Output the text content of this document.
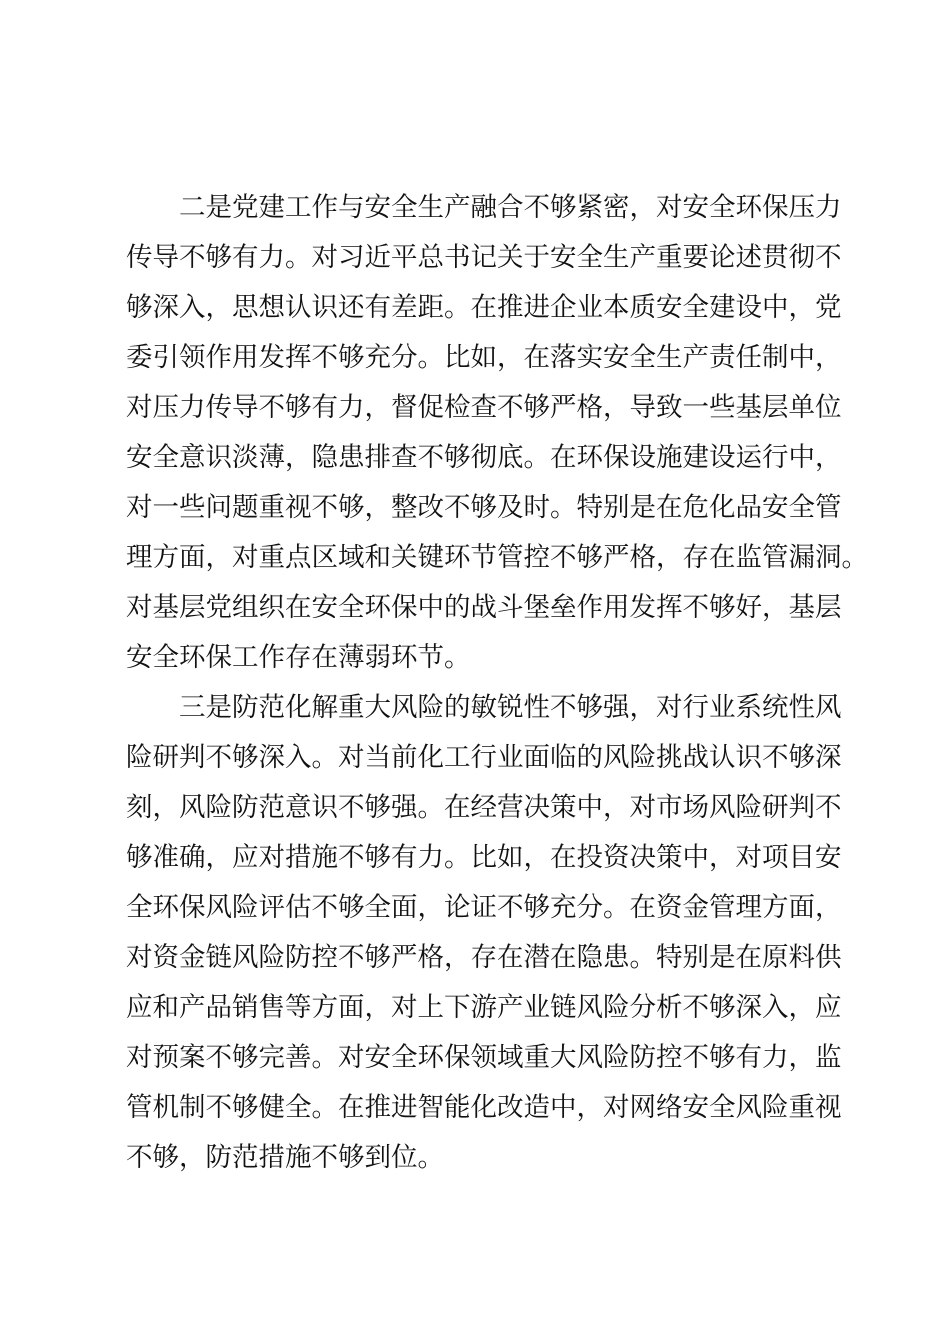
　　二是党建工作与安全生产融合不够紧密，对安全环保压力
传导不够有力。对习近平总书记关于安全生产重要论述贯彻不
够深入，思想认识还有差距。在推进企业本质安全建设中，党
委引领作用发挥不够充分。比如，在落实安全生产责任制中，
对压力传导不够有力，督促检查不够严格，导致一些基层单位
安全意识淡薄，隐患排查不够彻底。在环保设施建设运行中，
对一些问题重视不够，整改不够及时。特别是在危化品安全管
理方面，对重点区域和关键环节管控不够严格，存在监管漏洞。
对基层党组织在安全环保中的战斗堡垒作用发挥不够好，基层
安全环保工作存在薄弱环节。
　　三是防范化解重大风险的敏锐性不够强，对行业系统性风
险研判不够深入。对当前化工行业面临的风险挑战认识不够深
刻，风险防范意识不够强。在经营决策中，对市场风险研判不
够准确，应对措施不够有力。比如，在投资决策中，对项目安
全环保风险评估不够全面，论证不够充分。在资金管理方面，
对资金链风险防控不够严格，存在潜在隐患。特别是在原料供
应和产品销售等方面，对上下游产业链风险分析不够深入，应
对预案不够完善。对安全环保领域重大风险防控不够有力，监
管机制不够健全。在推进智能化改造中，对网络安全风险重视
不够，防范措施不够到位。
